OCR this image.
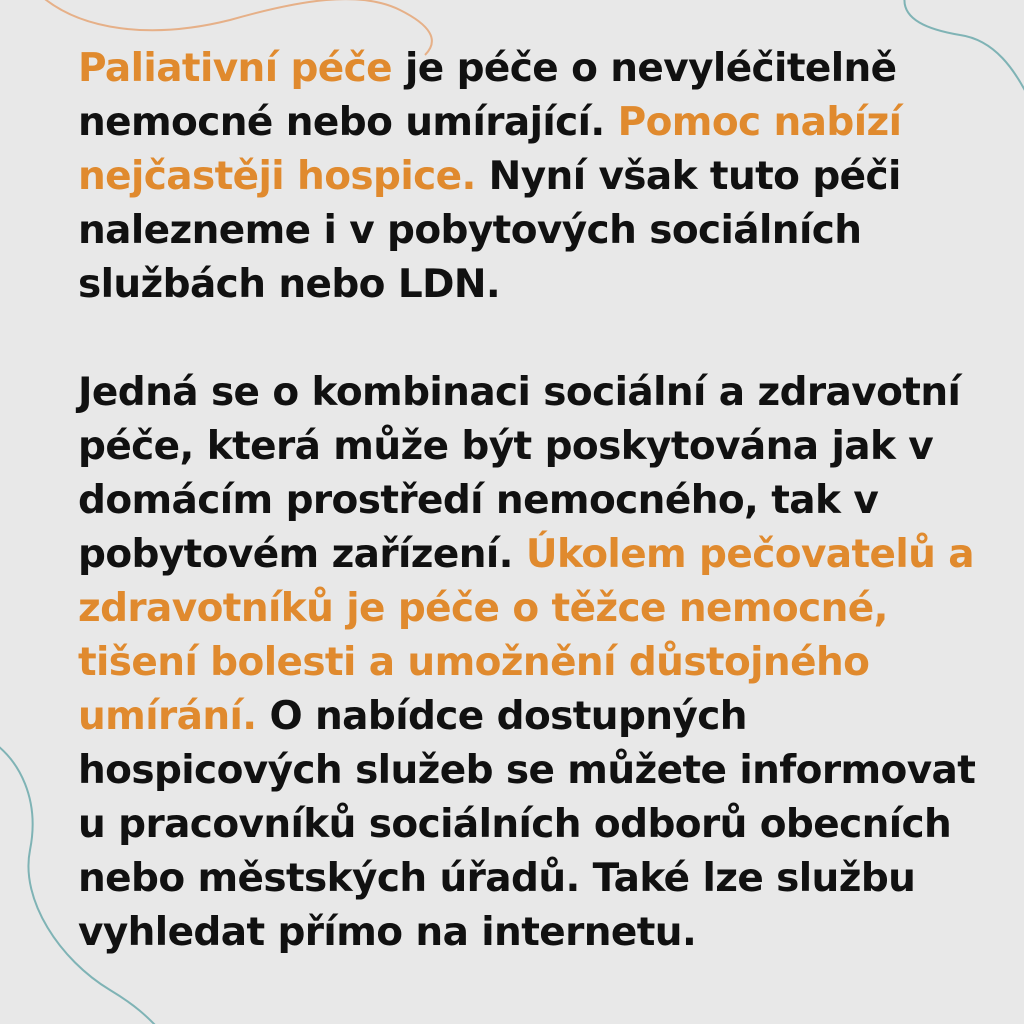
Paliativní péče je péče o nevyléčitelně nemocné nebo umírající. Pomoc nabízí nejčastěji hospice. Nyní však tuto péči nalezneme i v pobytových sociálních službách nebo LDN.

Jedná se o kombinaci sociální a zdravotní péče, která může být poskytována jak v domácím prostředí nemocného, tak v pobytovém zařízení. Úkolem pečovatelů a zdravotníků je péče o těžce nemocné, tišení bolesti a umožnění důstojného umírání. O nabídce dostupných hospicových služeb se můžete informovat u pracovníků sociálních odborů obecních nebo městských úřadů. Také lze službu vyhledat přímo na internetu.
